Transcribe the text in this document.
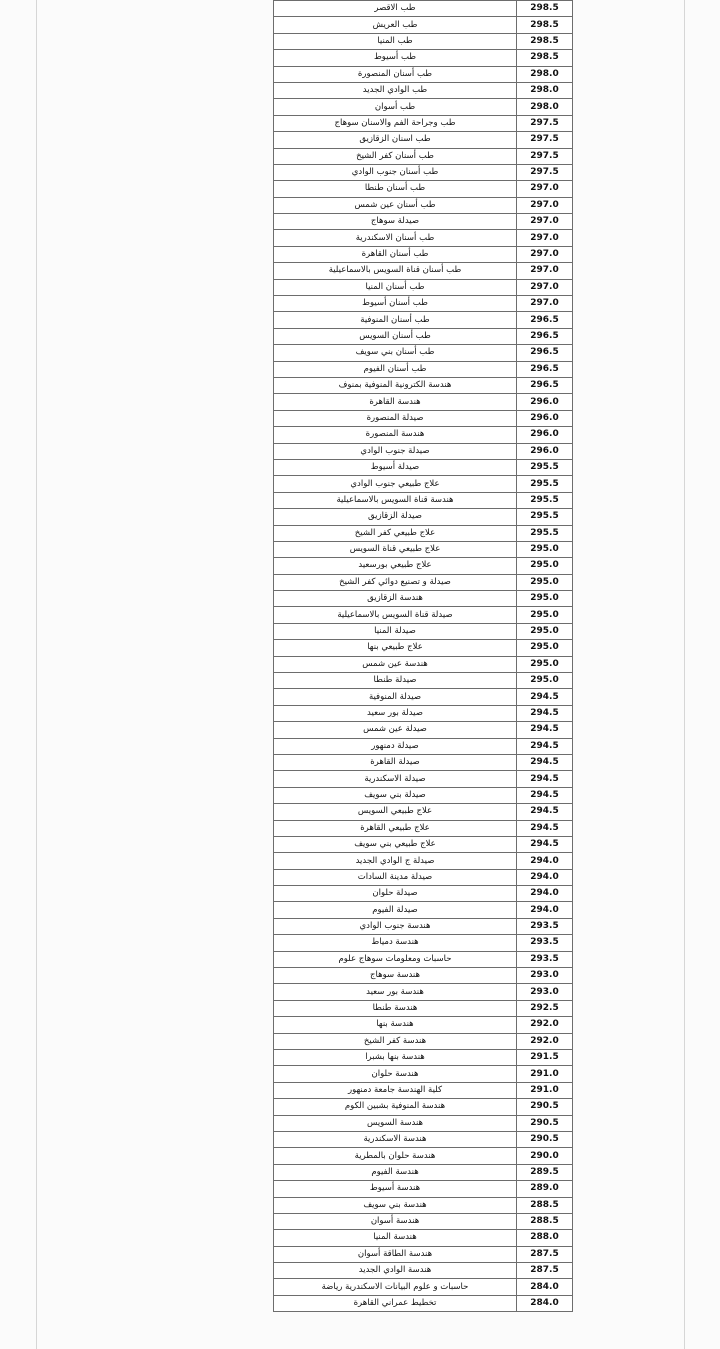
طب الاقصر	298.5
طب العريش	298.5
طب المنيا	298.5
طب أسيوط	298.5
طب أسنان المنصورة	298.0
طب الوادي الجديد	298.0
طب أسوان	298.0
طب وجراحة الفم والاسنان سوهاج	297.5
طب اسنان الزقازيق	297.5
طب أسنان كفر الشيخ	297.5
طب أسنان جنوب الوادي	297.5
طب أسنان طنطا	297.0
طب أسنان عين شمس	297.0
صيدلة سوهاج	297.0
طب أسنان الاسكندرية	297.0
طب أسنان القاهرة	297.0
طب أسنان قناة السويس بالاسماعيلية	297.0
طب أسنان المنيا	297.0
طب أسنان أسيوط	297.0
طب أسنان المنوفية	296.5
طب أسنان السويس	296.5
طب أسنان بني سويف	296.5
طب أسنان الفيوم	296.5
هندسة الكترونية المنوفية بمنوف	296.5
هندسة القاهرة	296.0
صيدلة المنصورة	296.0
هندسة المنصورة	296.0
صيدلة جنوب الوادي	296.0
صيدلة أسيوط	295.5
علاج طبيعي جنوب الوادي	295.5
هندسة قناة السويس بالاسماعيلية	295.5
صيدلة الزقازيق	295.5
علاج طبيعي كفر الشيخ	295.5
علاج طبيعي قناة السويس	295.0
علاج طبيعي بورسعيد	295.0
صيدلة و تصنيع دوائي كفر الشيخ	295.0
هندسة الزقازيق	295.0
صيدلة قناة السويس بالاسماعيلية	295.0
صيدلة المنيا	295.0
علاج طبيعي بنها	295.0
هندسة عين شمس	295.0
صيدلة طنطا	295.0
صيدلة المنوفية	294.5
صيدلة بور سعيد	294.5
صيدلة عين شمس	294.5
صيدلة دمنهور	294.5
صيدلة القاهرة	294.5
صيدلة الاسكندرية	294.5
صيدلة بني سويف	294.5
علاج طبيعي السويس	294.5
علاج طبيعي القاهرة	294.5
علاج طبيعي بني سويف	294.5
صيدلة ج الوادي الجديد	294.0
صيدلة مدينة السادات	294.0
صيدلة حلوان	294.0
صيدلة الفيوم	294.0
هندسة جنوب الوادي	293.5
هندسة دمياط	293.5
حاسبات ومعلومات سوهاج علوم	293.5
هندسة سوهاج	293.0
هندسة بور سعيد	293.0
هندسة طنطا	292.5
هندسة بنها	292.0
هندسة كفر الشيخ	292.0
هندسة بنها بشبرا	291.5
هندسة حلوان	291.0
كلية الهندسة جامعة دمنهور	291.0
هندسة المنوفية بشبين الكوم	290.5
هندسة السويس	290.5
هندسة الاسكندرية	290.5
هندسة حلوان بالمطرية	290.0
هندسة الفيوم	289.5
هندسة أسيوط	289.0
هندسة بني سويف	288.5
هندسة أسوان	288.5
هندسة المنيا	288.0
هندسة الطاقة أسوان	287.5
هندسة الوادي الجديد	287.5
حاسبات و علوم البيانات الاسكندرية رياضة	284.0
تخطيط عمراني القاهرة	284.0
